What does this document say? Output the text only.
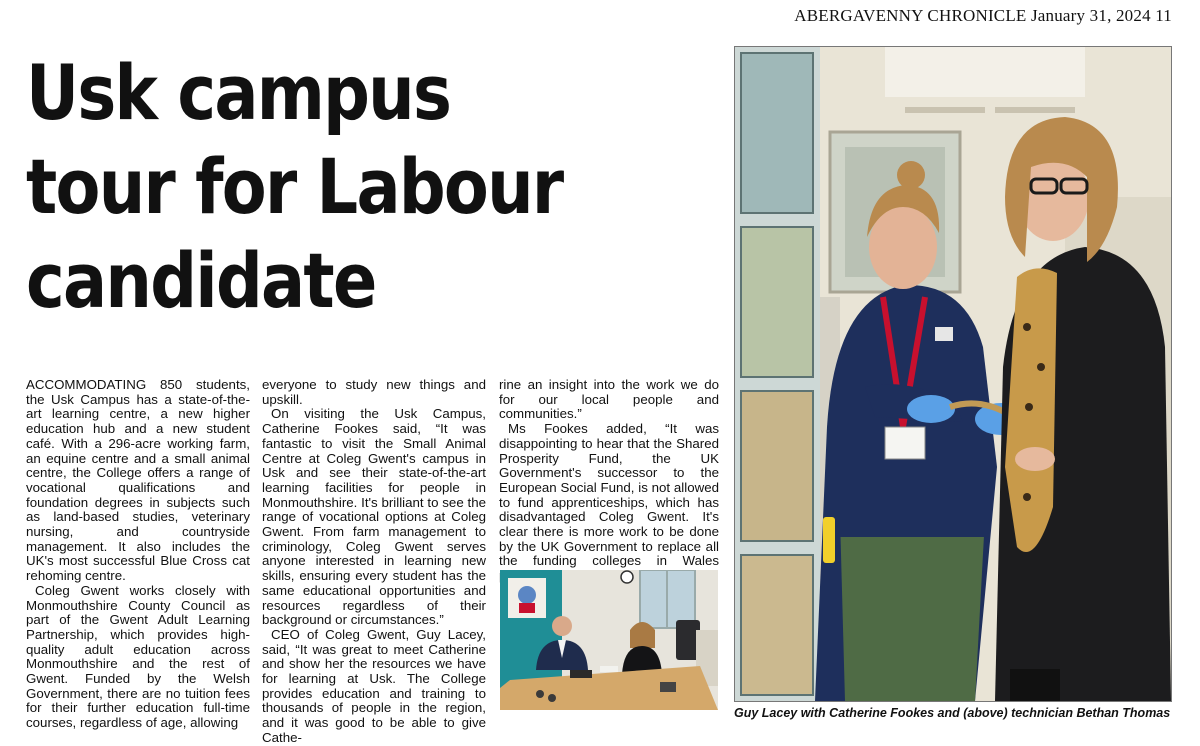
ABERGAVENNY CHRONICLE January 31, 2024 11
Usk campus
tour for Labour
candidate

ACCOMMODATING 850 students, the Usk Campus has a state-of-the-art learning centre, a new higher education hub and a new student café. With a 296-acre working farm, an equine centre and a small animal centre, the College offers a range of vocational qualifications and foundation degrees in subjects such as land-based studies, veterinary nursing, and countryside management. It also includes the UK's most successful Blue Cross cat rehoming centre.

Coleg Gwent works closely with Monmouthshire County Council as part of the Gwent Adult Learning Partnership, which provides high-quality adult education across Monmouthshire and the rest of Gwent. Funded by the Welsh Government, there are no tuition fees for their further education full-time courses, regardless of age, allowing

everyone to study new things and upskill.

On visiting the Usk Campus, Catherine Fookes said, “It was fantastic to visit the Small Animal Centre at Coleg Gwent's campus in Usk and see their state-of-the-art learning facilities for people in Monmouthshire. It's brilliant to see the range of vocational options at Coleg Gwent. From farm management to criminology, Coleg Gwent serves anyone interested in learning new skills, ensuring every student has the same educational opportunities and resources regardless of their background or circumstances.”

CEO of Coleg Gwent, Guy Lacey, said, “It was great to meet Catherine and show her the resources we have for learning at Usk. The College provides education and training to thousands of people in the region, and it was good to be able to give Cathe-

rine an insight into the work we do for our local people and communities.”

Ms Fookes added, “It was disappointing to hear that the Shared Prosperity Fund, the UK Government's successor to the European Social Fund, is not allowed to fund apprenticeships, which has disadvantaged Coleg Gwent. It's clear there is more work to be done by the UK Government to replace all the funding colleges in Wales

Guy Lacey with Catherine Fookes and (above) technician Bethan Thomas
